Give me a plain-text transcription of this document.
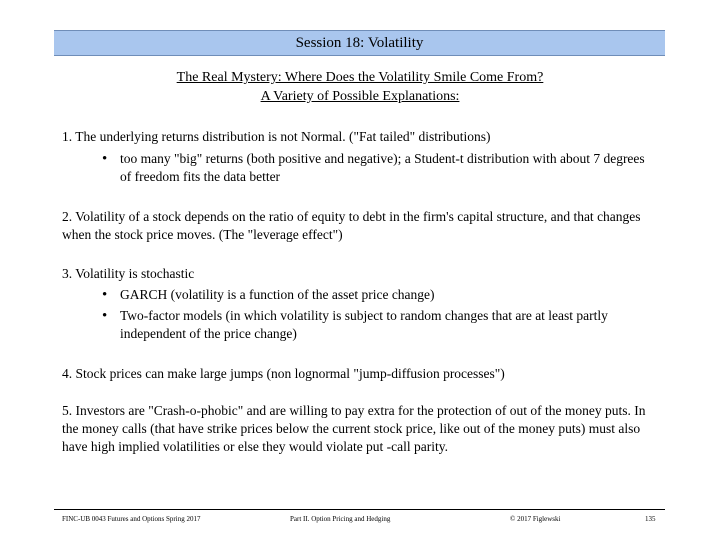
Session 18: Volatility
The Real Mystery: Where Does the Volatility Smile Come From?
A Variety of Possible Explanations:
1. The underlying returns distribution is not Normal. ("Fat tailed" distributions)
• too many "big" returns (both positive and negative); a Student-t distribution with about 7 degrees of freedom fits the data better
2. Volatility of a stock depends on the ratio of equity to debt in the firm's capital structure, and that changes when the stock price moves. (The "leverage effect")
3. Volatility is stochastic
• GARCH (volatility is a function of the asset price change)
• Two-factor models (in which volatility is subject to random changes that are at least partly independent of the price change)
4. Stock prices can make large jumps (non lognormal "jump-diffusion processes")
5. Investors are "Crash-o-phobic" and are willing to pay extra for the protection of out of the money puts. In the money calls (that have strike prices below the current stock price, like out of the money puts) must also have high implied volatilities or else they would violate put -call parity.
FINC-UB 0043 Futures and Options Spring 2017	Part II. Option Pricing and Hedging	© 2017 Figlewski	135
